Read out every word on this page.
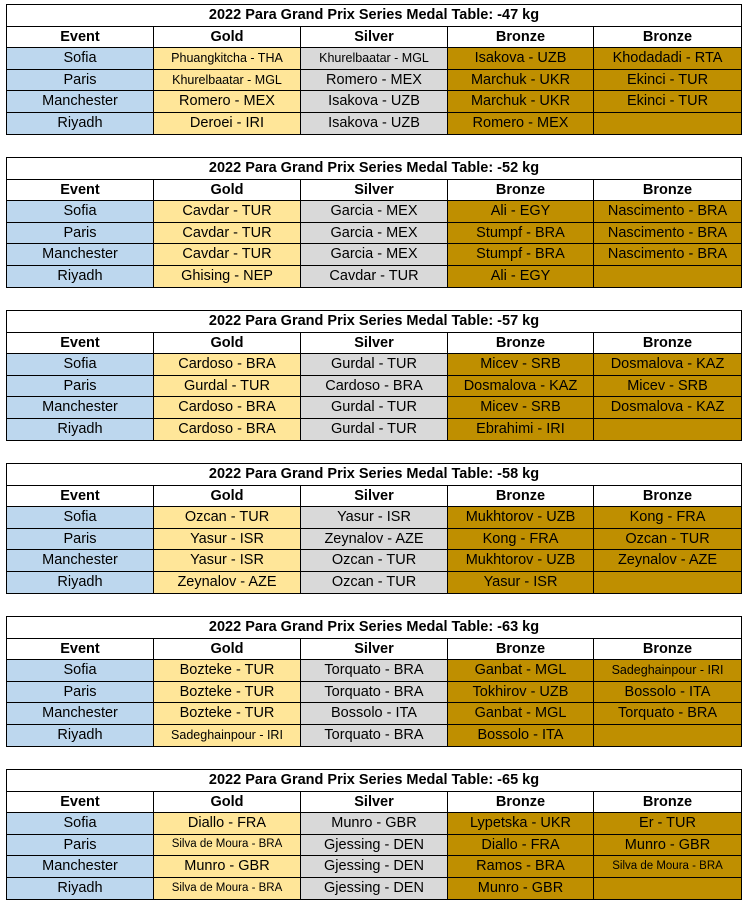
2022 Para Grand Prix Series Medal Table: -47 kg				
Event	Gold	Silver	Bronze	Bronze
Sofia	Phuangkitcha - THA	Khurelbaatar - MGL	Isakova - UZB	Khodadadi - RTA
Paris	Khurelbaatar - MGL	Romero - MEX	Marchuk - UKR	Ekinci - TUR
Manchester	Romero - MEX	Isakova - UZB	Marchuk - UKR	Ekinci - TUR
Riyadh	Deroei - IRI	Isakova - UZB	Romero - MEX	
2022 Para Grand Prix Series Medal Table: -52 kg				
Event	Gold	Silver	Bronze	Bronze
Sofia	Cavdar - TUR	Garcia - MEX	Ali - EGY	Nascimento - BRA
Paris	Cavdar - TUR	Garcia - MEX	Stumpf - BRA	Nascimento - BRA
Manchester	Cavdar - TUR	Garcia - MEX	Stumpf - BRA	Nascimento - BRA
Riyadh	Ghising - NEP	Cavdar - TUR	Ali - EGY	
2022 Para Grand Prix Series Medal Table: -57 kg				
Event	Gold	Silver	Bronze	Bronze
Sofia	Cardoso - BRA	Gurdal - TUR	Micev - SRB	Dosmalova - KAZ
Paris	Gurdal - TUR	Cardoso - BRA	Dosmalova - KAZ	Micev - SRB
Manchester	Cardoso - BRA	Gurdal - TUR	Micev - SRB	Dosmalova - KAZ
Riyadh	Cardoso - BRA	Gurdal - TUR	Ebrahimi - IRI	
2022 Para Grand Prix Series Medal Table: -58 kg				
Event	Gold	Silver	Bronze	Bronze
Sofia	Ozcan - TUR	Yasur - ISR	Mukhtorov - UZB	Kong - FRA
Paris	Yasur - ISR	Zeynalov - AZE	Kong - FRA	Ozcan - TUR
Manchester	Yasur - ISR	Ozcan - TUR	Mukhtorov - UZB	Zeynalov - AZE
Riyadh	Zeynalov - AZE	Ozcan - TUR	Yasur - ISR	
2022 Para Grand Prix Series Medal Table: -63 kg				
Event	Gold	Silver	Bronze	Bronze
Sofia	Bozteke - TUR	Torquato - BRA	Ganbat - MGL	Sadeghainpour - IRI
Paris	Bozteke - TUR	Torquato - BRA	Tokhirov - UZB	Bossolo - ITA
Manchester	Bozteke - TUR	Bossolo - ITA	Ganbat - MGL	Torquato - BRA
Riyadh	Sadeghainpour - IRI	Torquato - BRA	Bossolo - ITA	
2022 Para Grand Prix Series Medal Table: -65 kg				
Event	Gold	Silver	Bronze	Bronze
Sofia	Diallo - FRA	Munro - GBR	Lypetska - UKR	Er - TUR
Paris	Silva de Moura - BRA	Gjessing - DEN	Diallo - FRA	Munro - GBR
Manchester	Munro - GBR	Gjessing - DEN	Ramos - BRA	Silva de Moura - BRA
Riyadh	Silva de Moura - BRA	Gjessing - DEN	Munro - GBR	
